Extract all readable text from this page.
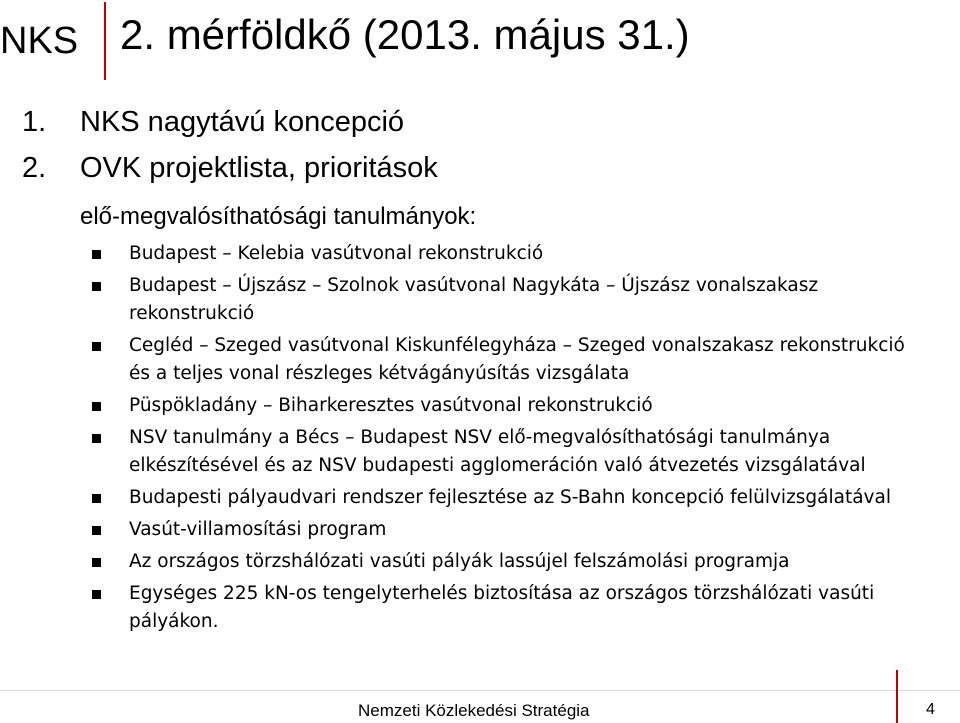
NKS 2. mérföldkő (2013. május 31.)
1. NKS nagytávú koncepció
2. OVK projektlista, prioritások
elő-megvalósíthatósági tanulmányok:
Budapest – Kelebia vasútvonal rekonstrukció
Budapest – Újszász – Szolnok vasútvonal Nagykáta – Újszász vonalszakasz rekonstrukció
Cegléd – Szeged vasútvonal Kiskunfélegyháza – Szeged vonalszakasz rekonstrukció és a teljes vonal részleges kétvágányúsítás vizsgálata
Püspökladány – Biharkeresztes vasútvonal rekonstrukció
NSV tanulmány a Bécs – Budapest NSV elő-megvalósíthatósági tanulmánya elkészítésével és az NSV budapesti agglomeráción való átvezetés vizsgálatával
Budapesti pályaudvari rendszer fejlesztése az S-Bahn koncepció felülvizsgálatával
Vasút-villamosítási program
Az országos törzshálózati vasúti pályák lassújel felszámolási programja
Egységes 225 kN-os tengelyterhelés biztosítása az országos törzshálózati vasúti pályákon.
Nemzeti Közlekedési Stratégia	4
